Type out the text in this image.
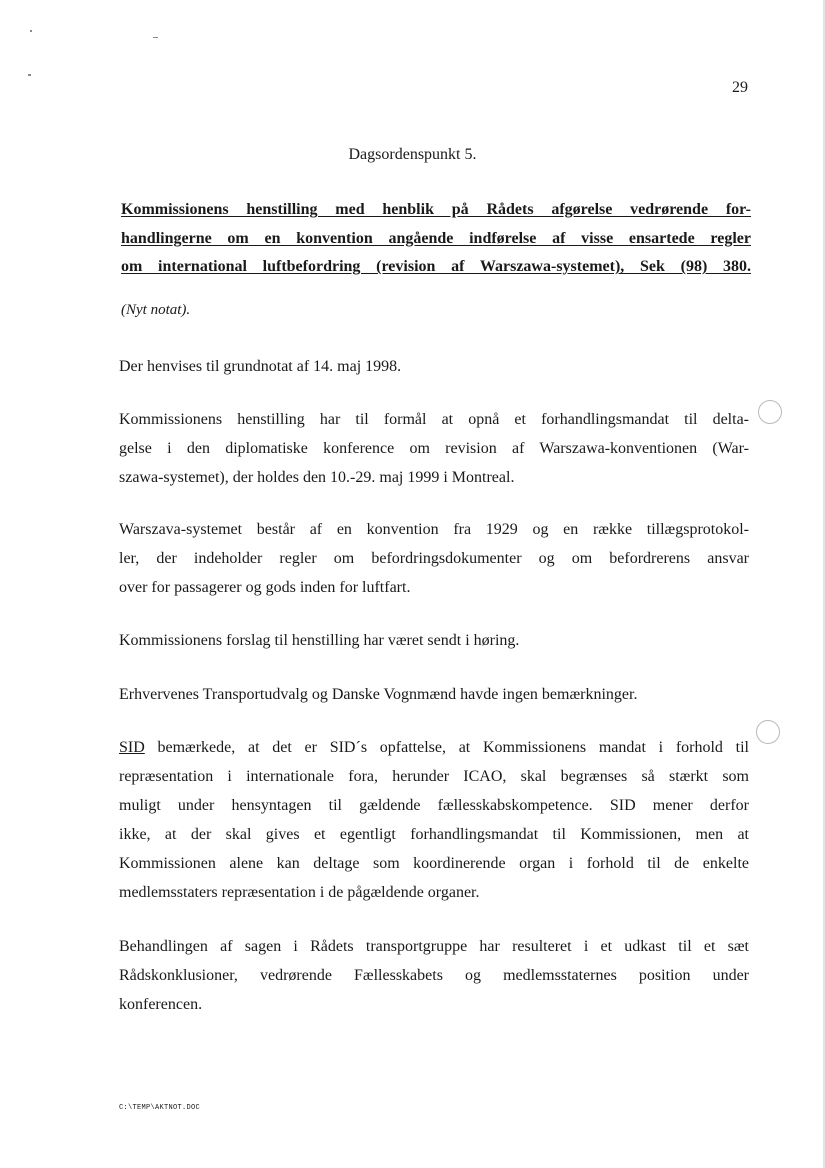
29
Dagsordenspunkt 5.
Kommissionens henstilling med henblik på Rådets afgørelse vedrørende for-
handlingerne om en konvention angående indførelse af visse ensartede regler
om international luftbefordring (revision af Warszawa-systemet), Sek (98) 380.
(Nyt notat).

Der henvises til grundnotat af 14. maj 1998.

Kommissionens henstilling har til formål at opnå et forhandlingsmandat til delta-
gelse i den diplomatiske konference om revision af Warszawa-konventionen (War-
szawa-systemet), der holdes den 10.-29. maj 1999 i Montreal.

Warszava-systemet består af en konvention fra 1929 og en række tillægsprotokol-
ler, der indeholder regler om befordringsdokumenter og om befordrerens ansvar
over for passagerer og gods inden for luftfart.

Kommissionens forslag til henstilling har været sendt i høring.

Erhvervenes Transportudvalg og Danske Vognmænd havde ingen bemærkninger.

SID bemærkede, at det er SID´s opfattelse, at Kommissionens mandat i forhold til
repræsentation i internationale fora, herunder ICAO, skal begrænses så stærkt som
muligt under hensyntagen til gældende fællesskabskompetence. SID mener derfor
ikke, at der skal gives et egentligt forhandlingsmandat til Kommissionen, men at
Kommissionen alene kan deltage som koordinerende organ i forhold til de enkelte
medlemsstaters repræsentation i de pågældende organer.

Behandlingen af sagen i Rådets transportgruppe har resulteret i et udkast til et sæt
Rådskonklusioner, vedrørende Fællesskabets og medlemsstaternes position under
konferencen.

C:\TEMP\AKTNOT.DOC
